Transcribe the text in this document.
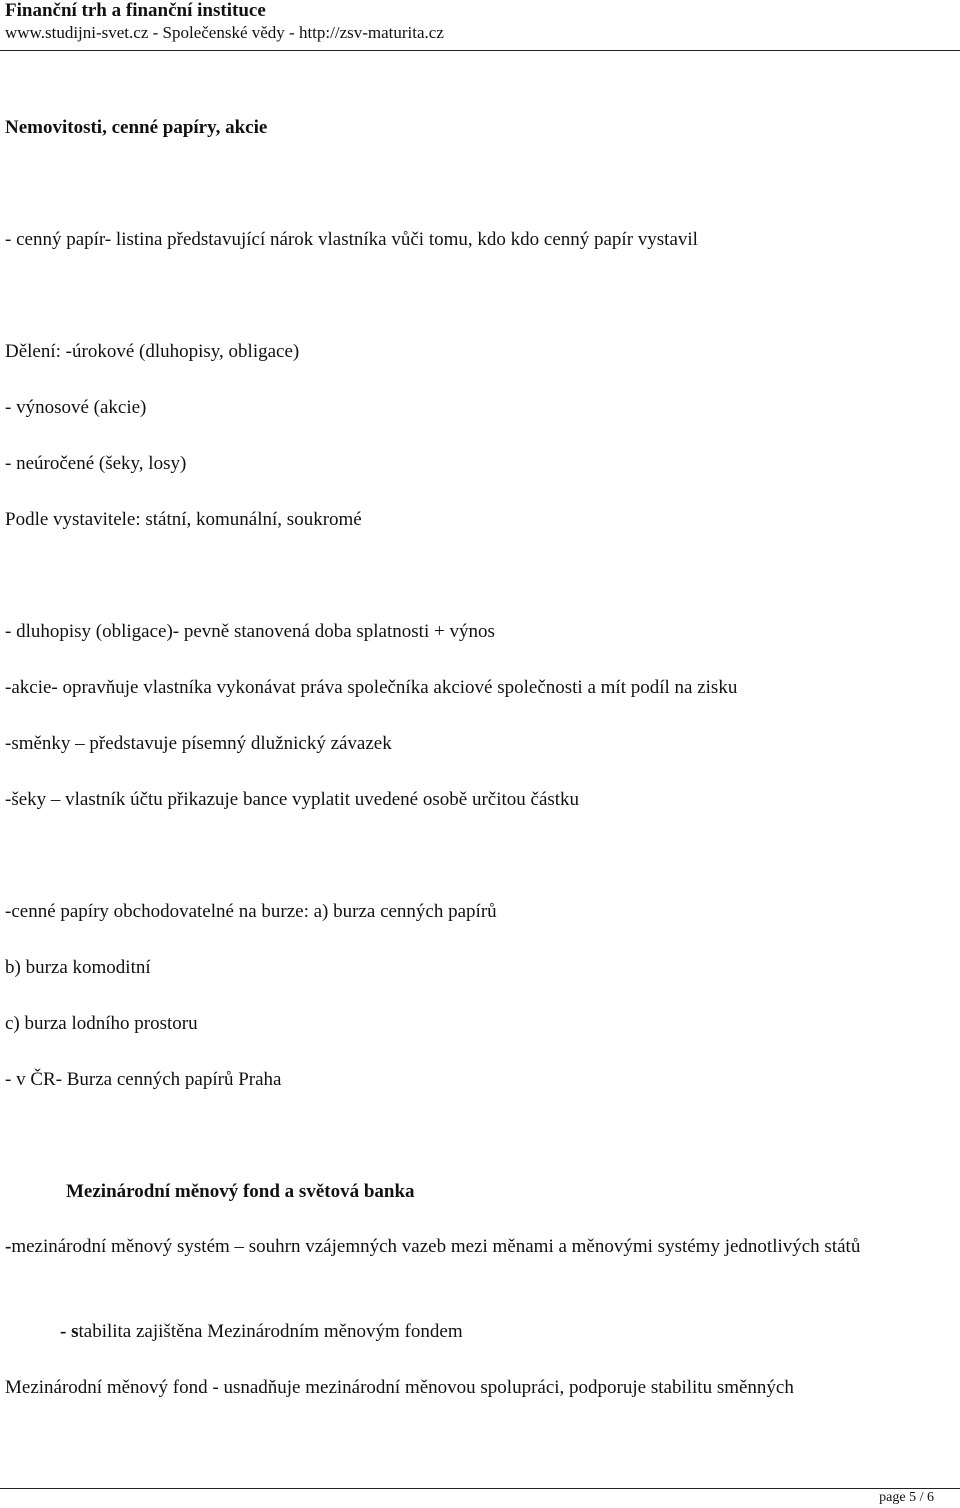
Finanční trh a finanční instituce
www.studijni-svet.cz - Společenské vědy - http://zsv-maturita.cz
Nemovitosti, cenné papíry, akcie
- cenný papír- listina představující nárok vlastníka vůči tomu, kdo kdo cenný papír vystavil
Dělení: -úrokové (dluhopisy, obligace)
- výnosové (akcie)
- neúročené (šeky, losy)
Podle vystavitele: státní, komunální, soukromé
- dluhopisy (obligace)- pevně stanovená doba splatnosti + výnos
-akcie- opravňuje vlastníka vykonávat práva společníka akciové společnosti a mít podíl na zisku
-směnky – představuje písemný dlužnický závazek
-šeky – vlastník účtu přikazuje bance vyplatit uvedené osobě určitou částku
-cenné papíry obchodovatelné na burze: a) burza cenných papírů
b) burza komoditní
c) burza lodního prostoru
- v ČR- Burza cenných papírů Praha
Mezinárodní měnový fond a světová banka
-mezinárodní měnový systém – souhrn vzájemných vazeb mezi měnami a měnovými systémy jednotlivých států
- stabilita zajištěna Mezinárodním měnovým fondem
Mezinárodní měnový fond - usnadňuje mezinárodní měnovou spolupráci, podporuje stabilitu směnných
page 5 / 6
